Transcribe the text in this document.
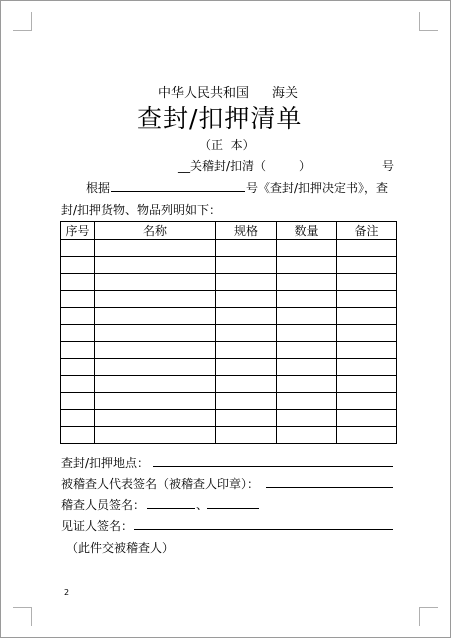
中华人民共和国 海关
查封/扣押清单
（正  本）
__关稽封/扣清（	）	号
根据	号《查封/扣押决定书》，查
封/扣押货物、物品列明如下：
序号	名称	规格	数量	备注

查封/扣押地点：
被稽查人代表签名（被稽查人印章）：
稽查人员签名：	、
见证人签名：
（此件交被稽查人）
2
